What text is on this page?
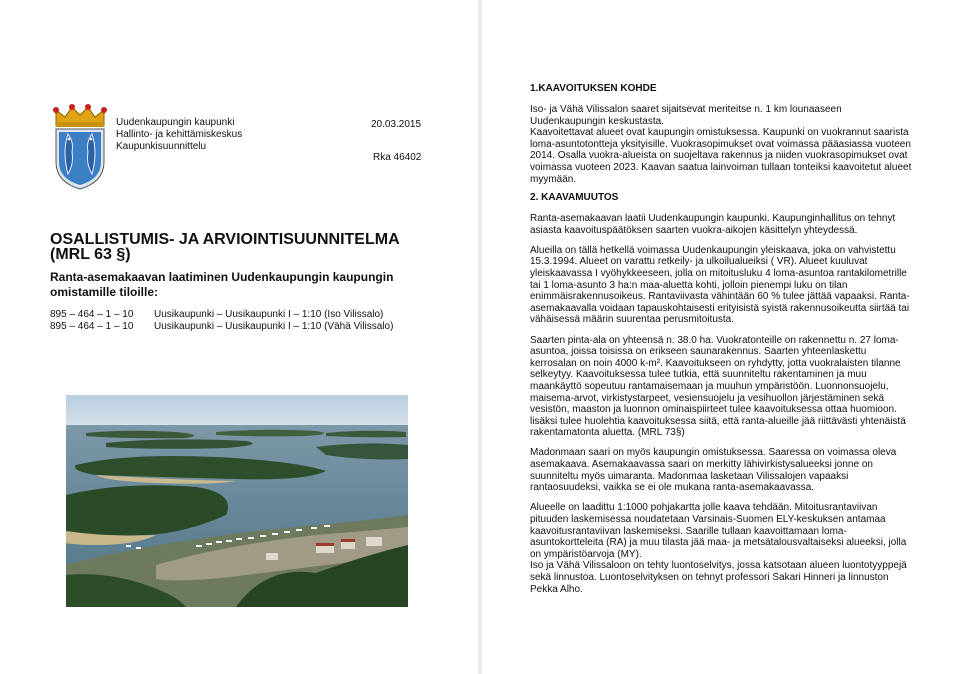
Uudenkaupungin kaupunki
Hallinto- ja kehittämiskeskus
Kaupunkisuunnittelu
20.03.2015
Rka 46402
OSALLISTUMIS- JA ARVIOINTISUUNNITELMA
(MRL 63 §)
Ranta-asemakaavan laatiminen Uudenkaupungin kaupungin omistamille tiloille:
895 – 464 – 1 – 10 Uusikaupunki – Uusikaupunki I – 1:10 (Iso Vilissalo)
895 – 464 – 1 – 10 Uusikaupunki – Uusikaupunki I – 1:10 (Vähä Vilissalo)
1.KAAVOITUKSEN KOHDE

Iso- ja Vähä Vilissalon saaret sijaitsevat meriteitse n. 1 km lounaaseen Uudenkaupungin keskustasta.
Kaavoitettavat alueet ovat kaupungin omistuksessa. Kaupunki on vuokrannut saarista loma-asuntotontteja yksityisille. Vuokrasopimukset ovat voimassa pääasiassa vuoteen 2014. Osalla vuokra-alueista on suojeltava rakennus ja niiden vuokrasopimukset ovat voimassa vuoteen 2023. Kaavan saatua lainvoiman tullaan tonteiksi kaavoitetut alueet myymään.

2. KAAVAMUUTOS

Ranta-asemakaavan laatii Uudenkaupungin kaupunki. Kaupunginhallitus on tehnyt asiasta kaavoituspäätöksen saarten vuokra-aikojen käsittelyn yhteydessä.

Alueilla on tällä hetkellä voimassa Uudenkaupungin yleiskaava, joka on vahvistettu 15.3.1994. Alueet on varattu retkeily- ja ulkoilualueiksi ( VR). Alueet kuuluvat yleiskaavassa I vyöhykkeeseen, jolla on mitoitusluku 4 loma-asuntoa rantakilometrille tai 1 loma-asunto 3 ha:n maa-aluetta kohti, jolloin pienempi luku on tilan enimmäisrakennusoikeus. Rantaviivasta vähintään 60 % tulee jättää vapaaksi. Ranta-asemakaavalla voidaan tapauskohtaisesti erityisistä syistä rakennusoikeutta siirtää tai vähäisessä määrin suurentaa perusmitoitusta.

Saarten pinta-ala on yhteensä n. 38.0 ha. Vuokratonteille on rakennettu n. 27 loma-asuntoa, joissa toisissa on erikseen saunarakennus. Saarten yhteenlaskettu kerrosalan on noin 4000 k-m². Kaavoitukseen on ryhdytty, jotta vuokralaisten tilanne selkeytyy. Kaavoituksessa tulee tutkia, että suunniteltu rakentaminen ja muu maankäyttö sopeutuu rantamaisemaan ja muuhun ympäristöön. Luonnonsuojelu, maisema-arvot, virkistystarpeet, vesiensuojelu ja vesihuollon järjestäminen sekä vesistön, maaston ja luonnon ominaispiirteet tulee kaavoituksessa ottaa huomioon. lisäksi tulee huolehtia kaavoituksessa siitä, että ranta-alueille jää riittävästi yhtenäistä rakentamatonta aluetta. (MRL 73§)

Madonmaan saari on myös kaupungin omistuksessa. Saaressa on voimassa oleva asemakaava. Asemakaavassa saari on merkitty lähivirkistysalueeksi jonne on suunniteltu myös uimaranta. Madonmaa lasketaan Vilissalojen vapaaksi rantaosuudeksi, vaikka se ei ole mukana ranta-asemakaavassa.

Alueelle on laadittu 1:1000 pohjakartta jolle kaava tehdään. Mitoitusrantaviivan pituuden laskemisessa noudatetaan Varsinais-Suomen ELY-keskuksen antamaa kaavoitusrantaviivan laskemiseksi. Saarille tullaan kaavoittamaan loma-asuntokortteleita (RA) ja muu tilasta jää maa- ja metsätalousvaltaiseksi alueeksi, jolla on ympäristöarvoja (MY).
Iso ja Vähä Vilissaloon on tehty luontoselvitys, jossa katsotaan alueen luontotyyppejä sekä linnustoa. Luontoselvityksen on tehnyt professori Sakari Hinneri ja linnuston Pekka Alho.
